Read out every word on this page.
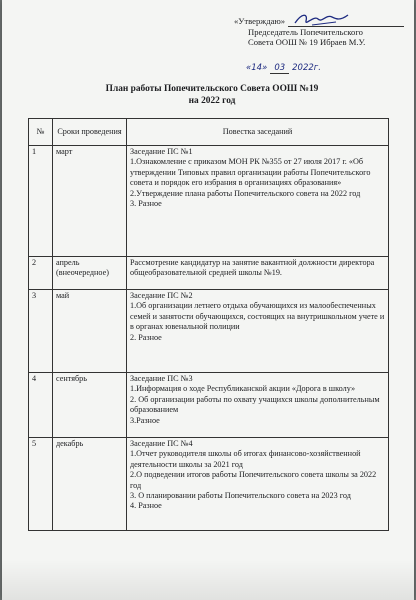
«Утверждаю»
Председатель Попечительского
Совета ООШ № 19 Ибраев М.У.
«14» 03 2022г.
План работы Попечительского Совета ООШ №19
на 2022 год
№	Сроки проведения	Повестка заседаний
1	март	Заседание ПС №1
1.Ознакомление с приказом МОН РК №355 от 27 июля 2017 г. «Об утверждении Типовых правил организации работы Попечительского совета и порядок его избрания в организациях образования»
2.Утверждение плана работы Попечительского совета на 2022 год
3. Разное

2	апрель (внеочередное)	Рассмотрение кандидатур на занятие вакантной должности директора общеобразовательной средней школы №19.

3	май	Заседание ПС №2
1.Об организации летнего отдыха обучающихся из малообеспеченных семей и занятости обучающихся, состоящих на внутришкольном учете и в органах ювенальной полиции
2. Разное

4	сентябрь	Заседание ПС №3
1.Информация о ходе Республиканской акции «Дорога в школу»
2. Об организации работы по охвату учащихся школы дополнительным образованием
3.Разное

5	декабрь	Заседание ПС №4
1.Отчет руководителя школы об итогах финансово-хозяйственной деятельности школы за 2021 год
2.О подведении итогов работы Попечительского совета школы за 2022 год
3. О планировании работы Попечительского совета на 2023 год
4. Разное
